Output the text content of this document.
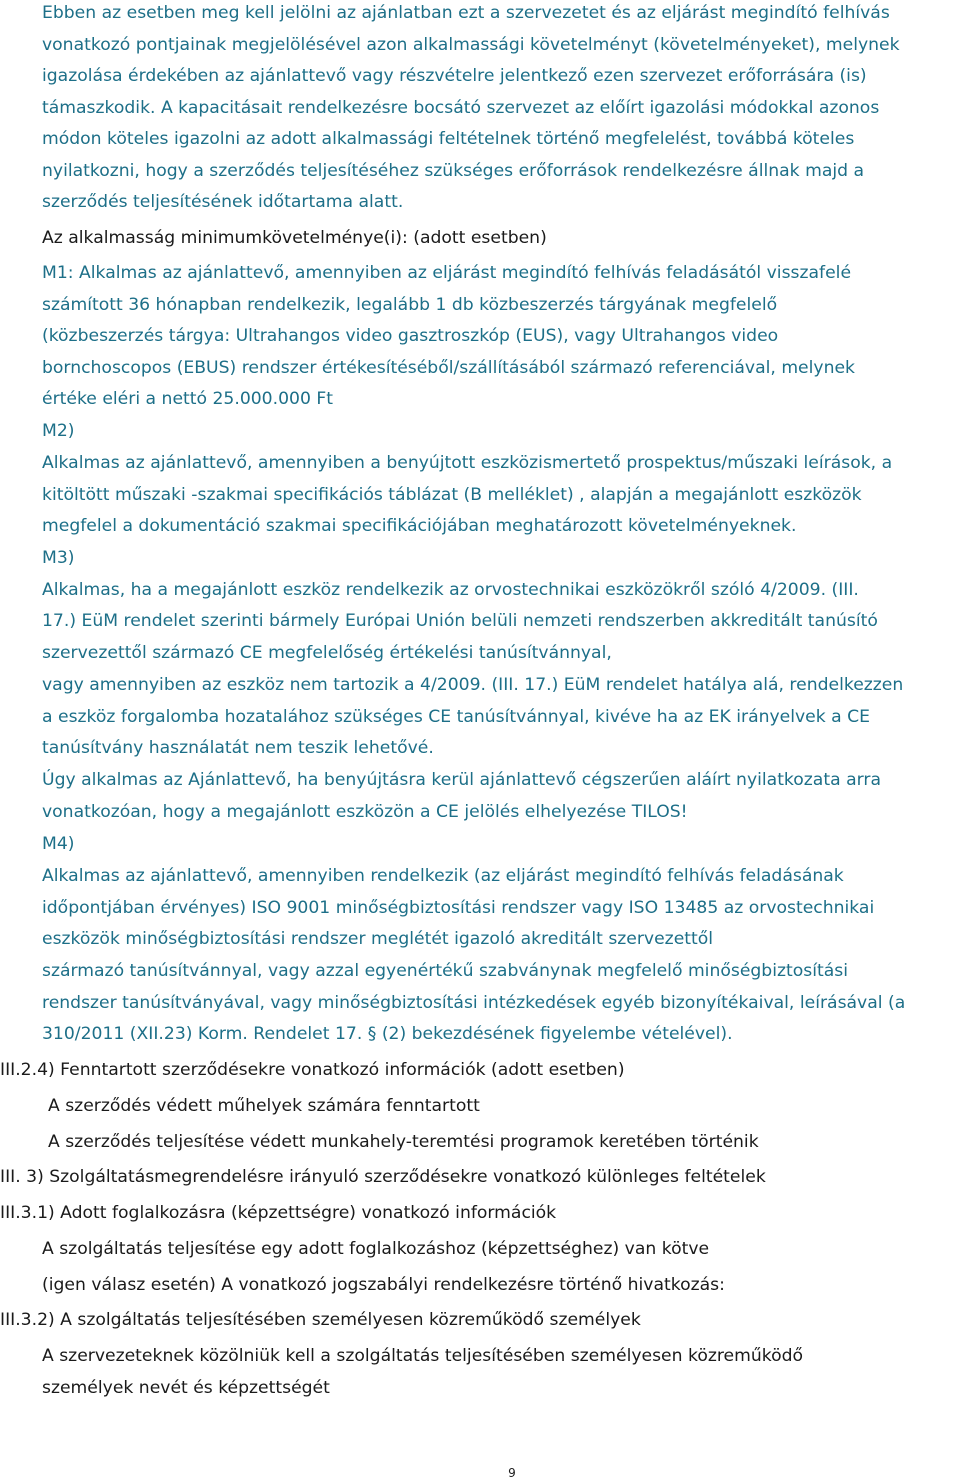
Ebben az esetben meg kell jelölni az ajánlatban ezt a szervezetet és az eljárást megindító felhívás
vonatkozó pontjainak megjelölésével azon alkalmassági követelményt (követelményeket), melynek
igazolása érdekében az ajánlattevő vagy részvételre jelentkező ezen szervezet erőforrására (is)
támaszkodik. A kapacitásait rendelkezésre bocsátó szervezet az előírt igazolási módokkal azonos
módon köteles igazolni az adott alkalmassági feltételnek történő megfelelést, továbbá köteles
nyilatkozni, hogy a szerződés teljesítéséhez szükséges erőforrások rendelkezésre állnak majd a
szerződés teljesítésének időtartama alatt.
Az alkalmasság minimumkövetelménye(i): (adott esetben)
M1: Alkalmas az ajánlattevő, amennyiben az eljárást megindító felhívás feladásától visszafelé
számított 36 hónapban rendelkezik, legalább 1 db közbeszerzés tárgyának megfelelő
(közbeszerzés tárgya: Ultrahangos video gasztroszkóp (EUS), vagy Ultrahangos video
bornchoscopos (EBUS) rendszer értékesítéséből/szállításából származó referenciával, melynek
értéke eléri a nettó 25.000.000 Ft
M2)
Alkalmas az ajánlattevő, amennyiben a benyújtott eszközismertető prospektus/műszaki leírások, a
kitöltött műszaki -szakmai specifikációs táblázat (B melléklet) , alapján a megajánlott eszközök
megfelel a dokumentáció szakmai specifikációjában meghatározott követelményeknek.
M3)
Alkalmas, ha a megajánlott eszköz rendelkezik az orvostechnikai eszközökről szóló 4/2009. (III.
17.) EüM rendelet szerinti bármely Európai Unión belüli nemzeti rendszerben akkreditált tanúsító
szervezettől származó CE megfelelőség értékelési tanúsítvánnyal,
vagy amennyiben az eszköz nem tartozik a 4/2009. (III. 17.) EüM rendelet hatálya alá, rendelkezzen
a eszköz forgalomba hozatalához szükséges CE tanúsítvánnyal, kivéve ha az EK irányelvek a CE
tanúsítvány használatát nem teszik lehetővé.
Úgy alkalmas az Ajánlattevő, ha benyújtásra kerül ajánlattevő cégszerűen aláírt nyilatkozata arra
vonatkozóan, hogy a megajánlott eszközön a CE jelölés elhelyezése TILOS!
M4)
Alkalmas az ajánlattevő, amennyiben rendelkezik (az eljárást megindító felhívás feladásának
időpontjában érvényes) ISO 9001 minőségbiztosítási rendszer vagy ISO 13485 az orvostechnikai
eszközök minőségbiztosítási rendszer meglétét igazoló akreditált szervezettől
származó tanúsítvánnyal, vagy azzal egyenértékű szabványnak megfelelő minőségbiztosítási
rendszer tanúsítványával, vagy minőségbiztosítási intézkedések egyéb bizonyítékaival, leírásával (a
310/2011 (XII.23) Korm. Rendelet 17. § (2) bekezdésének figyelembe vételével).
III.2.4) Fenntartott szerződésekre vonatkozó információk (adott esetben)
A szerződés védett műhelyek számára fenntartott
A szerződés teljesítése védett munkahely-teremtési programok keretében történik
III. 3) Szolgáltatásmegrendelésre irányuló szerződésekre vonatkozó különleges feltételek
III.3.1) Adott foglalkozásra (képzettségre) vonatkozó információk
A szolgáltatás teljesítése egy adott foglalkozáshoz (képzettséghez) van kötve
(igen válasz esetén) A vonatkozó jogszabályi rendelkezésre történő hivatkozás:
III.3.2) A szolgáltatás teljesítésében személyesen közreműködő személyek
A szervezeteknek közölniük kell a szolgáltatás teljesítésében személyesen közreműködő
személyek nevét és képzettségét
9
